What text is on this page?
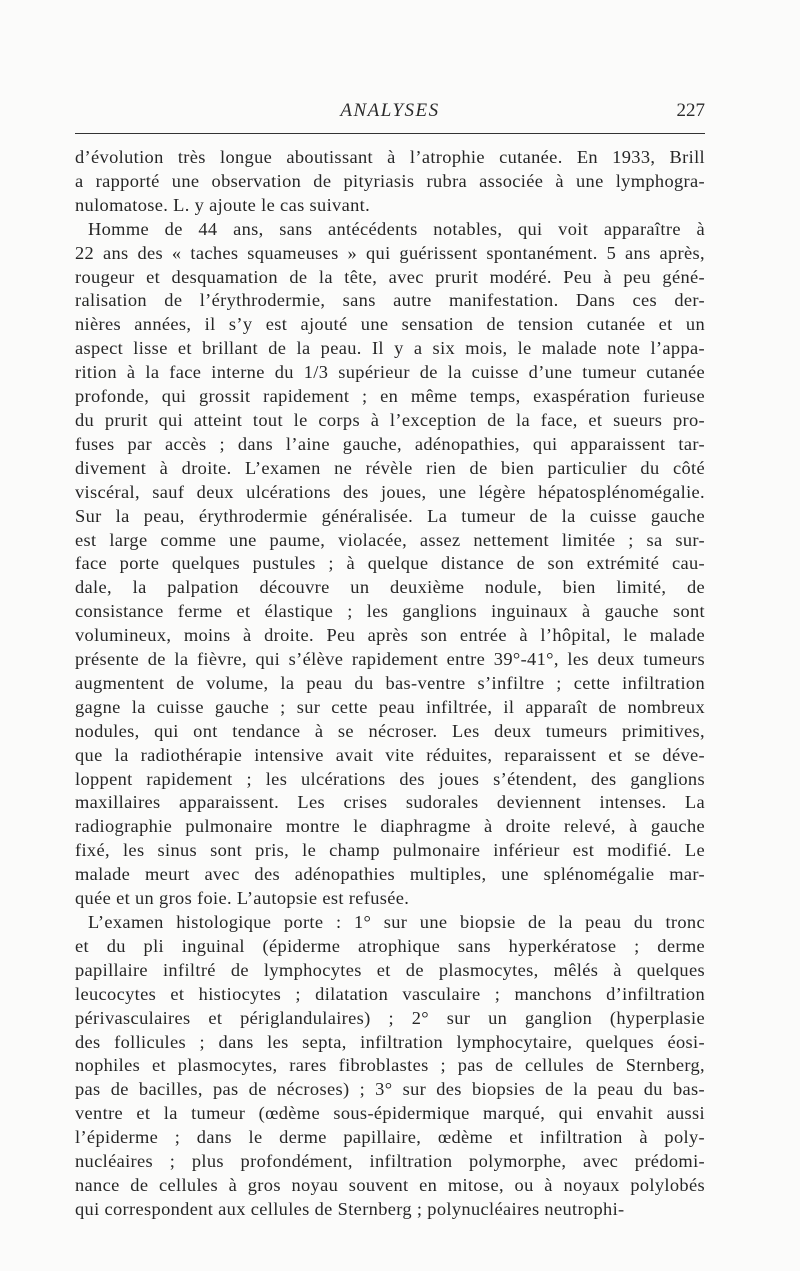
ANALYSES	227

d’évolution très longue aboutissant à l’atrophie cutanée. En 1933, Brill
a rapporté une observation de pityriasis rubra associée à une lymphogra-
nulomatose. L. y ajoute le cas suivant.

Homme de 44 ans, sans antécédents notables, qui voit apparaître à
22 ans des « taches squameuses » qui guérissent spontanément. 5 ans après,
rougeur et desquamation de la tête, avec prurit modéré. Peu à peu géné-
ralisation de l’érythrodermie, sans autre manifestation. Dans ces der-
nières années, il s’y est ajouté une sensation de tension cutanée et un
aspect lisse et brillant de la peau. Il y a six mois, le malade note l’appa-
rition à la face interne du 1/3 supérieur de la cuisse d’une tumeur cutanée
profonde, qui grossit rapidement ; en même temps, exaspération furieuse
du prurit qui atteint tout le corps à l’exception de la face, et sueurs pro-
fuses par accès ; dans l’aine gauche, adénopathies, qui apparaissent tar-
divement à droite. L’examen ne révèle rien de bien particulier du côté
viscéral, sauf deux ulcérations des joues, une légère hépatosplénomégalie.
Sur la peau, érythrodermie généralisée. La tumeur de la cuisse gauche
est large comme une paume, violacée, assez nettement limitée ; sa sur-
face porte quelques pustules ; à quelque distance de son extrémité cau-
dale, la palpation découvre un deuxième nodule, bien limité, de
consistance ferme et élastique ; les ganglions inguinaux à gauche sont
volumineux, moins à droite. Peu après son entrée à l’hôpital, le malade
présente de la fièvre, qui s’élève rapidement entre 39°-41°, les deux tumeurs
augmentent de volume, la peau du bas-ventre s’infiltre ; cette infiltration
gagne la cuisse gauche ; sur cette peau infiltrée, il apparaît de nombreux
nodules, qui ont tendance à se nécroser. Les deux tumeurs primitives,
que la radiothérapie intensive avait vite réduites, reparaissent et se déve-
loppent rapidement ; les ulcérations des joues s’étendent, des ganglions
maxillaires apparaissent. Les crises sudorales deviennent intenses. La
radiographie pulmonaire montre le diaphragme à droite relevé, à gauche
fixé, les sinus sont pris, le champ pulmonaire inférieur est modifié. Le
malade meurt avec des adénopathies multiples, une splénomégalie mar-
quée et un gros foie. L’autopsie est refusée.

L’examen histologique porte : 1° sur une biopsie de la peau du tronc
et du pli inguinal (épiderme atrophique sans hyperkératose ; derme
papillaire infiltré de lymphocytes et de plasmocytes, mêlés à quelques
leucocytes et histiocytes ; dilatation vasculaire ; manchons d’infiltration
périvasculaires et périglandulaires) ; 2° sur un ganglion (hyperplasie
des follicules ; dans les septa, infiltration lymphocytaire, quelques éosi-
nophiles et plasmocytes, rares fibroblastes ; pas de cellules de Sternberg,
pas de bacilles, pas de nécroses) ; 3° sur des biopsies de la peau du bas-
ventre et la tumeur (œdème sous-épidermique marqué, qui envahit aussi
l’épiderme ; dans le derme papillaire, œdème et infiltration à poly-
nucléaires ; plus profondément, infiltration polymorphe, avec prédomi-
nance de cellules à gros noyau souvent en mitose, ou à noyaux polylobés
qui correspondent aux cellules de Sternberg ; polynucléaires neutrophi-
